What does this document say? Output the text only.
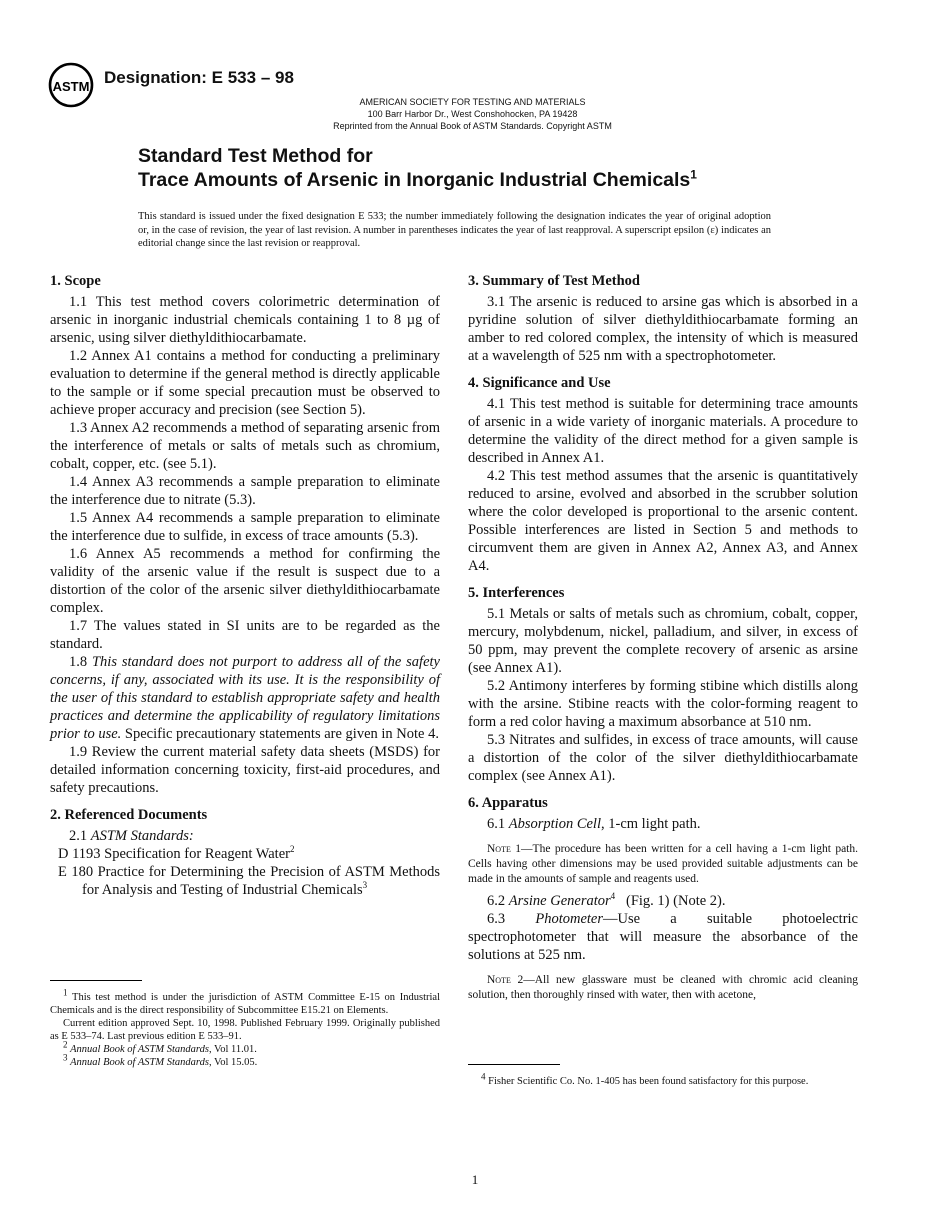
ASTM Designation: E 533 – 98
AMERICAN SOCIETY FOR TESTING AND MATERIALS
100 Barr Harbor Dr., West Conshohocken, PA 19428
Reprinted from the Annual Book of ASTM Standards. Copyright ASTM
Standard Test Method for
Trace Amounts of Arsenic in Inorganic Industrial Chemicals$^1$
This standard is issued under the fixed designation E 533; the number immediately following the designation indicates the year of original adoption or, in the case of revision, the year of last revision. A number in parentheses indicates the year of last reapproval. A superscript epsilon (ε) indicates an editorial change since the last revision or reapproval.
1. Scope

1.1 This test method covers colorimetric determination of arsenic in inorganic industrial chemicals containing 1 to 8 µg of arsenic, using silver diethyldithiocarbamate.

1.2 Annex A1 contains a method for conducting a preliminary evaluation to determine if the general method is directly applicable to the sample or if some special precaution must be observed to achieve proper accuracy and precision (see Section 5).

1.3 Annex A2 recommends a method of separating arsenic from the interference of metals or salts of metals such as chromium, cobalt, copper, etc. (see 5.1).

1.4 Annex A3 recommends a sample preparation to eliminate the interference due to nitrate (5.3).

1.5 Annex A4 recommends a sample preparation to eliminate the interference due to sulfide, in excess of trace amounts (5.3).

1.6 Annex A5 recommends a method for confirming the validity of the arsenic value if the result is suspect due to a distortion of the color of the arsenic silver diethyldithiocarbamate complex.

1.7 The values stated in SI units are to be regarded as the standard.

1.8 This standard does not purport to address all of the safety concerns, if any, associated with its use. It is the responsibility of the user of this standard to establish appropriate safety and health practices and determine the applicability of regulatory limitations prior to use. Specific precautionary statements are given in Note 4.

1.9 Review the current material safety data sheets (MSDS) for detailed information concerning toxicity, first-aid procedures, and safety precautions.

2. Referenced Documents

2.1 ASTM Standards:

D 1193 Specification for Reagent Water$^2$

E 180 Practice for Determining the Precision of ASTM Methods for Analysis and Testing of Industrial Chemicals$^3$

3. Summary of Test Method

3.1 The arsenic is reduced to arsine gas which is absorbed in a pyridine solution of silver diethyldithiocarbamate forming an amber to red colored complex, the intensity of which is measured at a wavelength of 525 nm with a spectrophotometer.

4. Significance and Use

4.1 This test method is suitable for determining trace amounts of arsenic in a wide variety of inorganic materials. A procedure to determine the validity of the direct method for a given sample is described in Annex A1.

4.2 This test method assumes that the arsenic is quantitatively reduced to arsine, evolved and absorbed in the scrubber solution where the color developed is proportional to the arsenic content. Possible interferences are listed in Section 5 and methods to circumvent them are given in Annex A2, Annex A3, and Annex A4.

5. Interferences

5.1 Metals or salts of metals such as chromium, cobalt, copper, mercury, molybdenum, nickel, palladium, and silver, in excess of 50 ppm, may prevent the complete recovery of arsenic as arsine (see Annex A1).

5.2 Antimony interferes by forming stibine which distills along with the arsine. Stibine reacts with the color-forming reagent to form a red color having a maximum absorbance at 510 nm.

5.3 Nitrates and sulfides, in excess of trace amounts, will cause a distortion of the color of the silver diethyldithiocarbamate complex (see Annex A1).

6. Apparatus

6.1 Absorption Cell, 1-cm light path.

Note 1—The procedure has been written for a cell having a 1-cm light path. Cells having other dimensions may be used provided suitable adjustments can be made in the amounts of sample and reagents used.

6.2 Arsine Generator$^4$ (Fig. 1) (Note 2).

6.3 Photometer—Use a suitable photoelectric spectrophotometer that will measure the absorbance of the solutions at 525 nm.

Note 2—All new glassware must be cleaned with chromic acid cleaning solution, then thoroughly rinsed with water, then with acetone,

$^1$ This test method is under the jurisdiction of ASTM Committee E-15 on Industrial Chemicals and is the direct responsibility of Subcommittee E15.21 on Elements.

Current edition approved Sept. 10, 1998. Published February 1999. Originally published as E 533–74. Last previous edition E 533–91.

$^2$ Annual Book of ASTM Standards, Vol 11.01.

$^3$ Annual Book of ASTM Standards, Vol 15.05.

$^4$ Fisher Scientific Co. No. 1-405 has been found satisfactory for this purpose.

1
